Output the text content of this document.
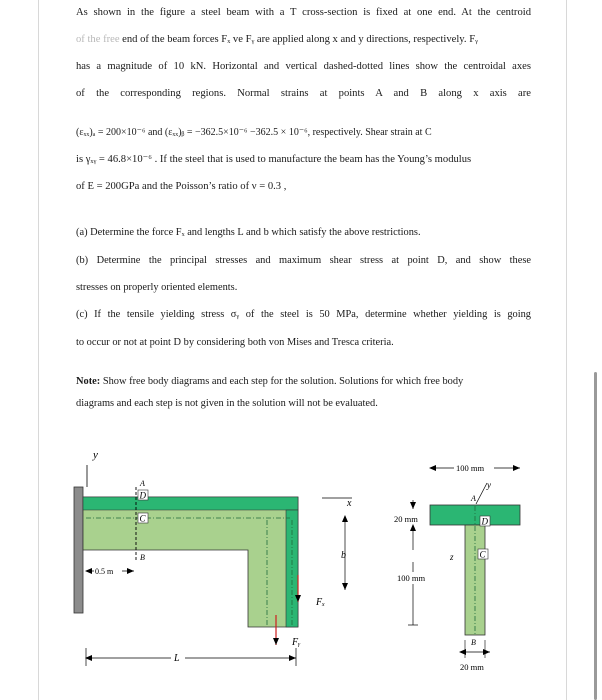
As shown in the figure a steel beam with a T cross-section is fixed at one end. At the centroid
of the free end of the beam forces Fₓ ve Fᵧ are applied along x and y directions, respectively. Fᵧ
has a magnitude of 10 kN. Horizontal and vertical dashed-dotted lines show the centroidal axes
of the corresponding regions. Normal strains at points A and B along x axis are
(εₓₓ)ₐ = 200×10⁻⁶ and (εₓₓ)ᵦ = −362.5×10⁻⁶ −362.5 × 10⁻⁶, respectively. Shear strain at C
is γₓᵧ = 46.8×10⁻⁶ . If the steel that is used to manufacture the beam has the Young’s modulus
of E = 200GPa and the Poisson’s ratio of ν = 0.3 ,
(a) Determine the force Fₓ and lengths L and b which satisfy the above restrictions.
(b) Determine the principal stresses and maximum shear stress at point D, and show these
stresses on properly oriented elements.
(c) If the tensile yielding stress σᵧ of the steel is 50 MPa, determine whether yielding is going
to occur or not at point D by considering both von Mises and Tresca criteria.
Note: Show free body diagrams and each step for the solution. Solutions for which free body
diagrams and each step is not given in the solution will not be evaluated.
y
A
D
C
B
0.5 m
x
b
Fₓ
Fᵧ
L
100 mm
y
A
D
C
z
20 mm
100 mm
B
20 mm
